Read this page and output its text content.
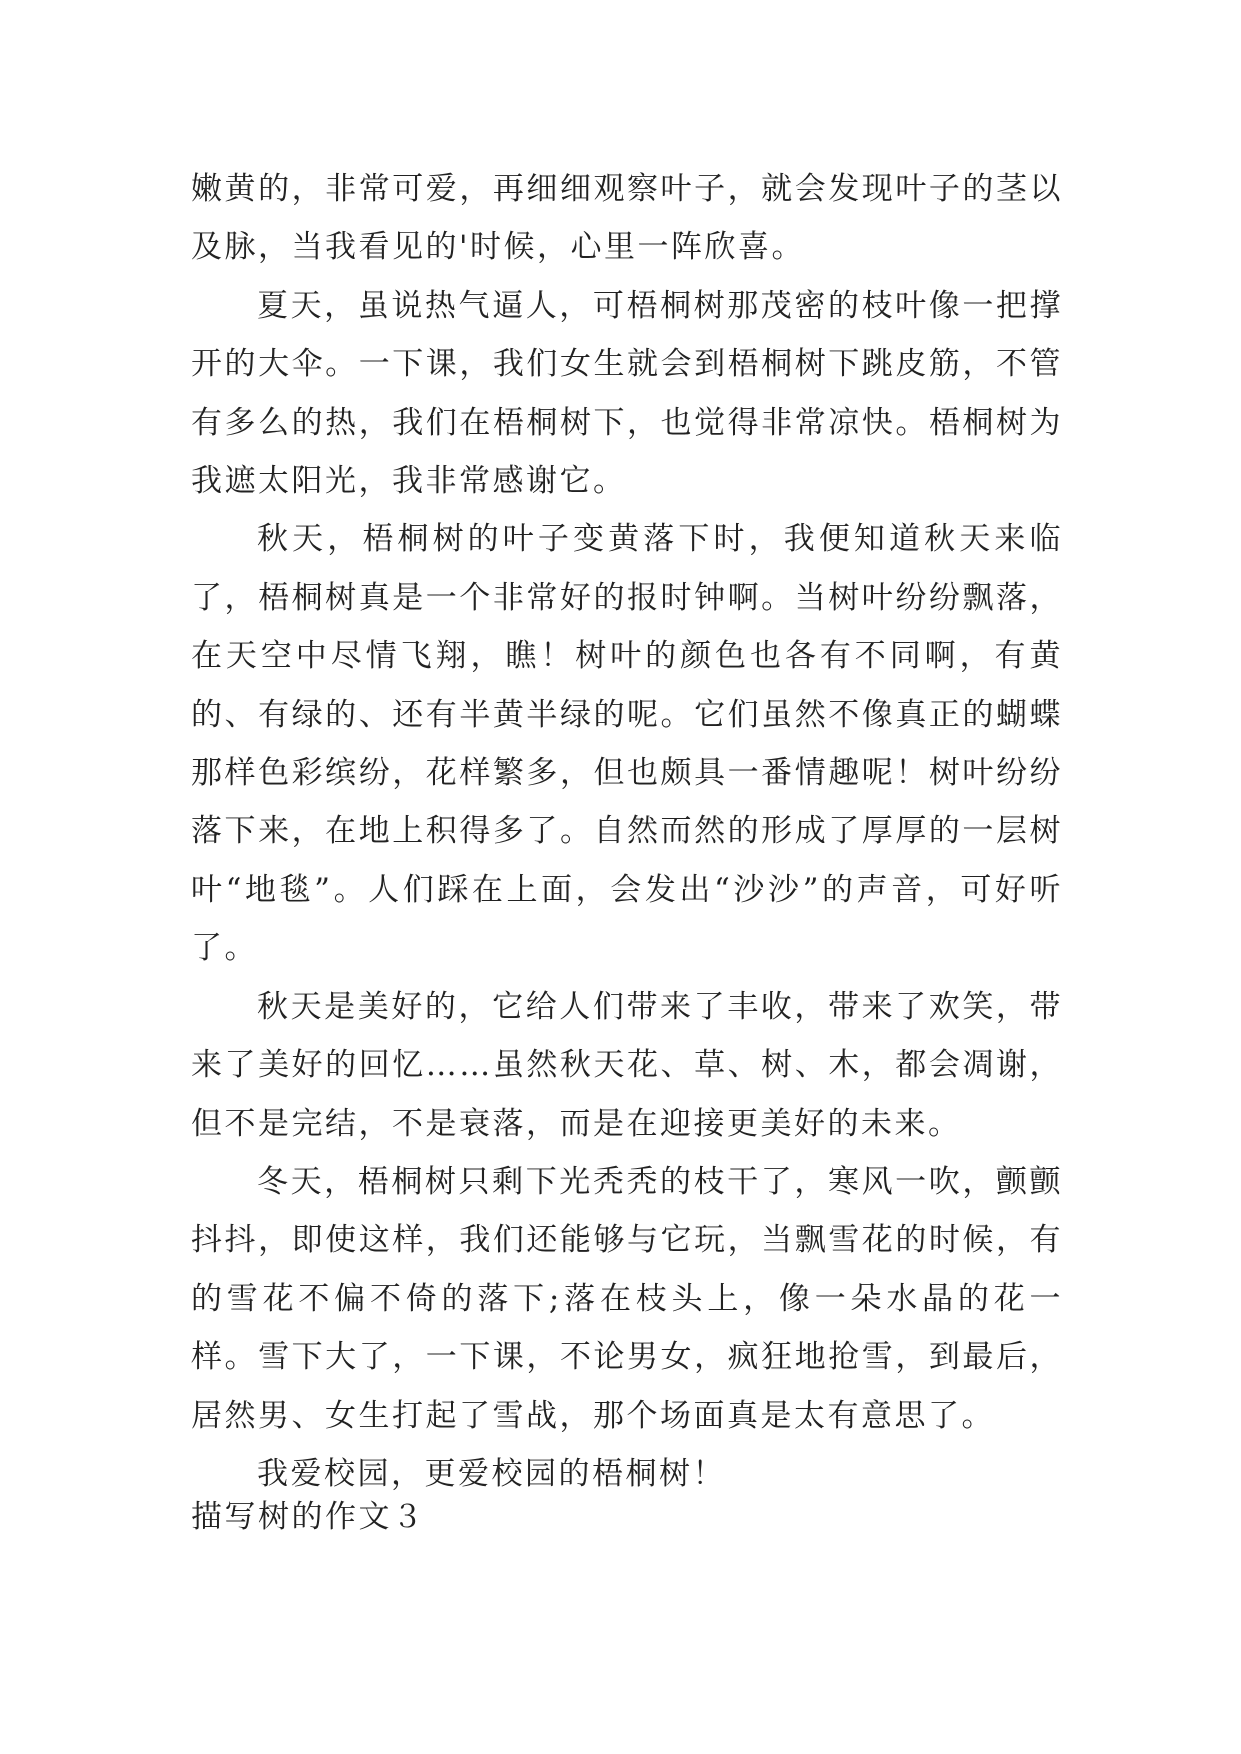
嫩黄的，非常可爱，再细细观察叶子，就会发现叶子的茎以及脉，当我看见的'时候，心里一阵欣喜。

夏天，虽说热气逼人，可梧桐树那茂密的枝叶像一把撑开的大伞。一下课，我们女生就会到梧桐树下跳皮筋，不管有多么的热，我们在梧桐树下，也觉得非常凉快。梧桐树为我遮太阳光，我非常感谢它。

秋天，梧桐树的叶子变黄落下时，我便知道秋天来临了，梧桐树真是一个非常好的报时钟啊。当树叶纷纷飘落，在天空中尽情飞翔，瞧！树叶的颜色也各有不同啊，有黄的、有绿的、还有半黄半绿的呢。它们虽然不像真正的蝴蝶那样色彩缤纷，花样繁多，但也颇具一番情趣呢！树叶纷纷落下来，在地上积得多了。自然而然的形成了厚厚的一层树叶“地毯”。人们踩在上面，会发出“沙沙”的声音，可好听了。

秋天是美好的，它给人们带来了丰收，带来了欢笑，带来了美好的回忆……虽然秋天花、草、树、木，都会凋谢，但不是完结，不是衰落，而是在迎接更美好的未来。

冬天，梧桐树只剩下光秃秃的枝干了，寒风一吹，颤颤抖抖，即使这样，我们还能够与它玩，当飘雪花的时候，有的雪花不偏不倚的落下;落在枝头上，像一朵水晶的花一样。雪下大了，一下课，不论男女，疯狂地抢雪，到最后，居然男、女生打起了雪战，那个场面真是太有意思了。

我爱校园，更爱校园的梧桐树！

描写树的作文３
